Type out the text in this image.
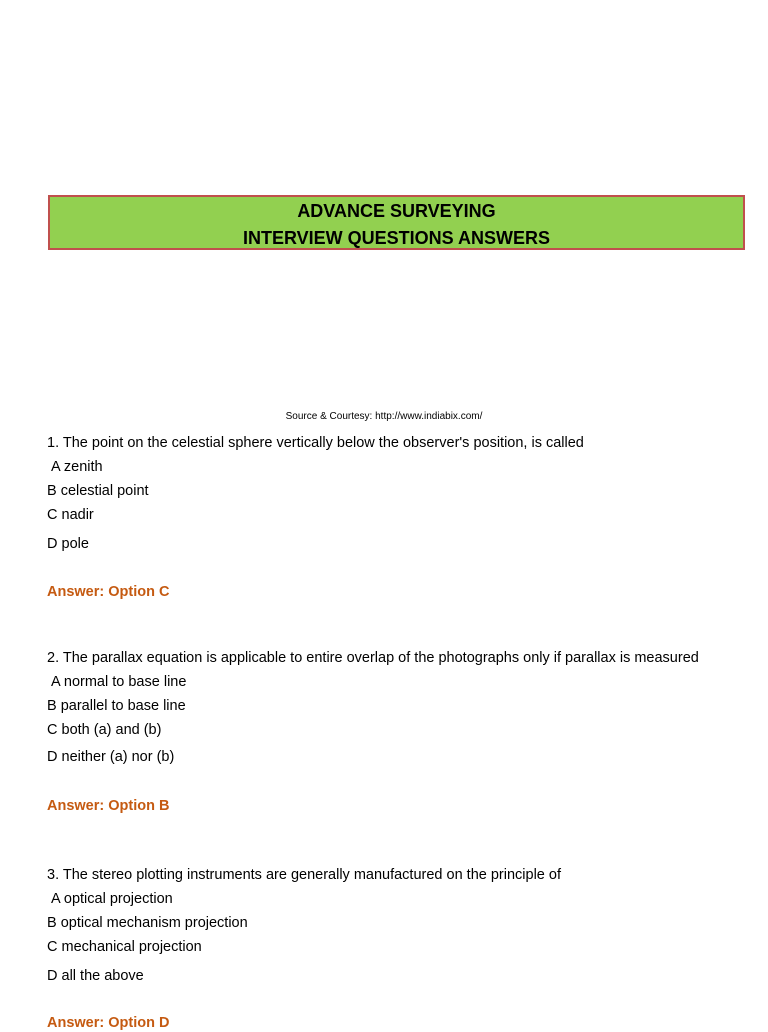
ADVANCE SURVEYING
INTERVIEW QUESTIONS ANSWERS
Source & Courtesy: http://www.indiabix.com/
1. The point on the celestial sphere vertically below the observer's position, is called
A zenith
B celestial point
C nadir
D pole
Answer: Option C
2. The parallax equation is applicable to entire overlap of the photographs only if parallax is measured
A normal to base line
B parallel to base line
C both (a) and (b)
D neither (a) nor (b)
Answer: Option B
3. The stereo plotting instruments are generally manufactured on the principle of
A optical projection
B optical mechanism projection
C mechanical projection
D all the above
Answer: Option D
